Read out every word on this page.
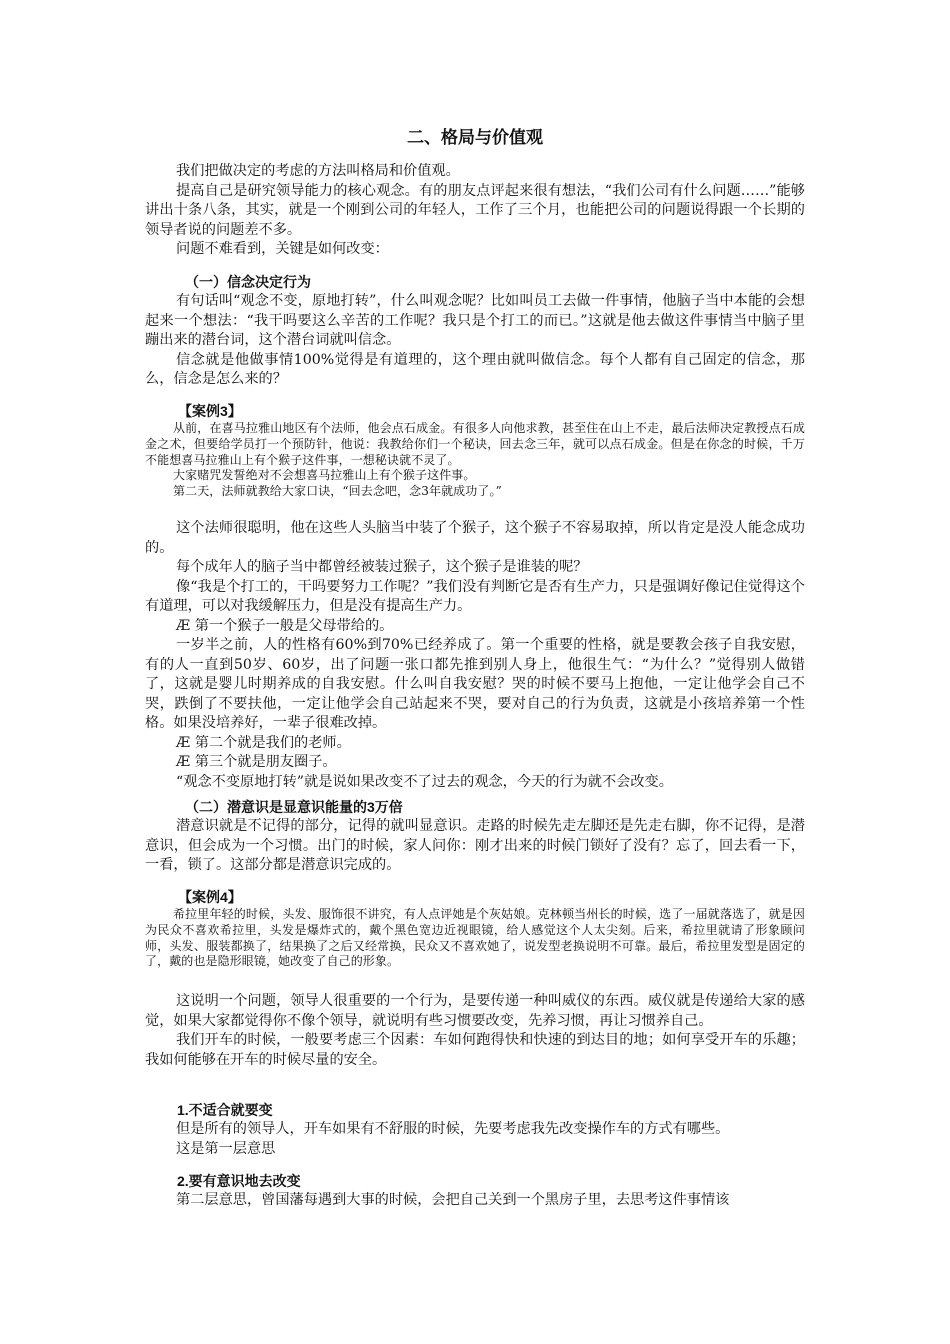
二、格局与价值观

我们把做决定的考虑的方法叫格局和价值观。

提高自己是研究领导能力的核心观念。有的朋友点评起来很有想法，“我们公司有什么问题……”能够讲出十条八条，其实，就是一个刚到公司的年轻人，工作了三个月，也能把公司的问题说得跟一个长期的领导者说的问题差不多。

问题不难看到，关键是如何改变：

（一）信念决定行为

有句话叫“观念不变，原地打转”，什么叫观念呢？比如叫员工去做一件事情，他脑子当中本能的会想起来一个想法：“我干吗要这么辛苦的工作呢？我只是个打工的而已。”这就是他去做这件事情当中脑子里蹦出来的潜台词，这个潜台词就叫信念。

信念就是他做事情100%觉得是有道理的，这个理由就叫做信念。每个人都有自己固定的信念，那么，信念是怎么来的？

【案例3】

从前，在喜马拉雅山地区有个法师，他会点石成金。有很多人向他求教，甚至住在山上不走，最后法师决定教授点石成金之术，但要给学员打一个预防针，他说：我教给你们一个秘诀，回去念三年，就可以点石成金。但是在你念的时候，千万不能想喜马拉雅山上有个猴子这件事，一想秘诀就不灵了。

大家赌咒发誓绝对不会想喜马拉雅山上有个猴子这件事。

第二天，法师就教给大家口诀，“回去念吧，念3年就成功了。”

这个法师很聪明，他在这些人头脑当中装了个猴子，这个猴子不容易取掉，所以肯定是没人能念成功的。

每个成年人的脑子当中都曾经被装过猴子，这个猴子是谁装的呢？

像“我是个打工的，干吗要努力工作呢？”我们没有判断它是否有生产力，只是强调好像记住觉得这个有道理，可以对我缓解压力，但是没有提高生产力。

Æ 第一个猴子一般是父母带给的。

一岁半之前，人的性格有60%到70%已经养成了。第一个重要的性格，就是要教会孩子自我安慰，有的人一直到50岁、60岁，出了问题一张口都先推到别人身上，他很生气：“为什么？”觉得别人做错了，这就是婴儿时期养成的自我安慰。什么叫自我安慰？哭的时候不要马上抱他，一定让他学会自己不哭，跌倒了不要扶他，一定让他学会自己站起来不哭，要对自己的行为负责，这就是小孩培养第一个性格。如果没培养好，一辈子很难改掉。

Æ 第二个就是我们的老师。

Æ 第三个就是朋友圈子。

“观念不变原地打转”就是说如果改变不了过去的观念，今天的行为就不会改变。

（二）潜意识是显意识能量的3万倍

潜意识就是不记得的部分，记得的就叫显意识。走路的时候先走左脚还是先走右脚，你不记得，是潜意识，但会成为一个习惯。出门的时候，家人问你：刚才出来的时候门锁好了没有？忘了，回去看一下，一看，锁了。这部分都是潜意识完成的。

【案例4】

希拉里年轻的时候，头发、服饰很不讲究，有人点评她是个灰姑娘。克林顿当州长的时候，选了一届就落选了，就是因为民众不喜欢希拉里，头发是爆炸式的，戴个黑色宽边近视眼镜，给人感觉这个人太尖刻。后来，希拉里就请了形象顾问师，头发、服装都换了，结果换了之后又经常换，民众又不喜欢她了，说发型老换说明不可靠。最后，希拉里发型是固定的了，戴的也是隐形眼镜，她改变了自己的形象。

这说明一个问题，领导人很重要的一个行为，是要传递一种叫威仪的东西。威仪就是传递给大家的感觉，如果大家都觉得你不像个领导，就说明有些习惯要改变，先养习惯，再让习惯养自己。

我们开车的时候，一般要考虑三个因素：车如何跑得快和快速的到达目的地；如何享受开车的乐趣；我如何能够在开车的时候尽量的安全。

1.不适合就要变

但是所有的领导人，开车如果有不舒服的时候，先要考虑我先改变操作车的方式有哪些。

这是第一层意思

2.要有意识地去改变

第二层意思，曾国藩每遇到大事的时候，会把自己关到一个黑房子里，去思考这件事情该
